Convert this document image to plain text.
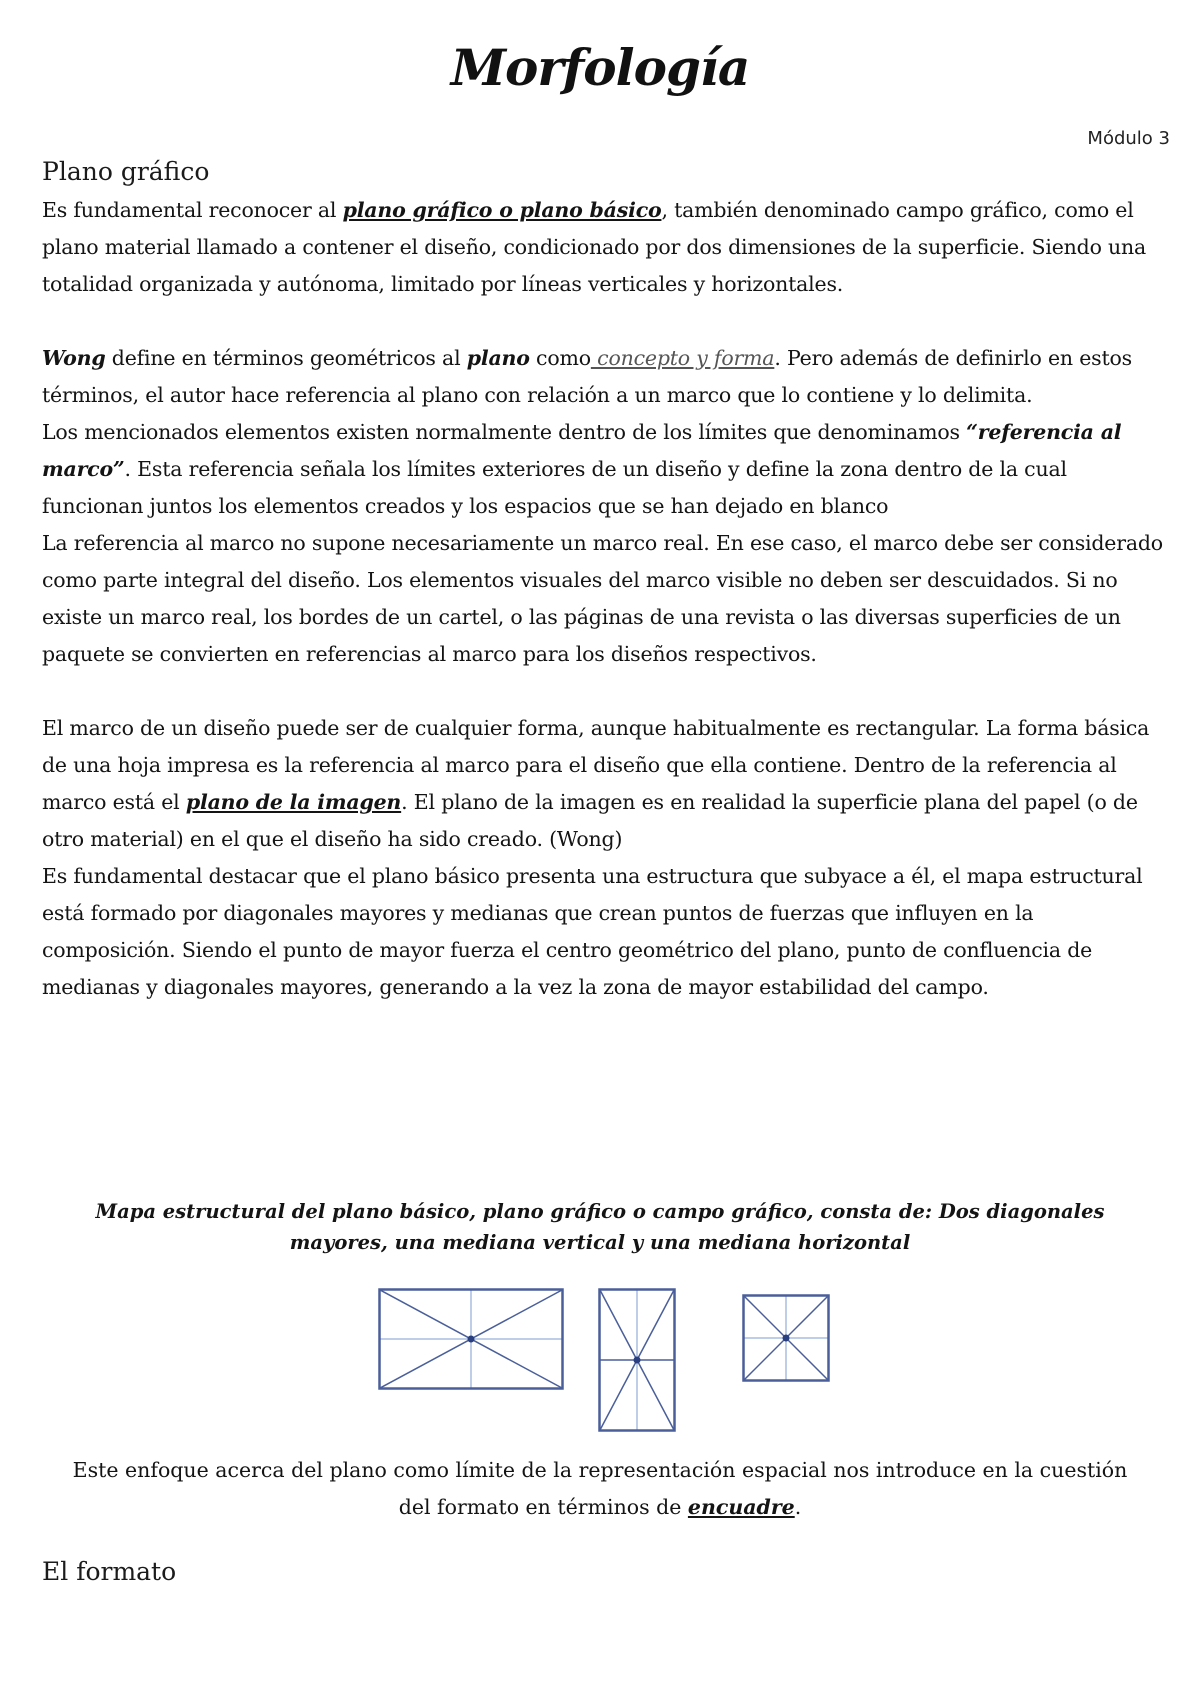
Morfología
Módulo 3
Plano gráfico

Es fundamental reconocer al plano gráfico o plano básico, también denominado campo gráfico, como el plano material llamado a contener el diseño, condicionado por dos dimensiones de la superficie. Siendo una totalidad organizada y autónoma, limitado por líneas verticales y horizontales.

Wong define en términos geométricos al plano como concepto y forma. Pero además de definirlo en estos términos, el autor hace referencia al plano con relación a un marco que lo contiene y lo delimita.

Los mencionados elementos existen normalmente dentro de los límites que denominamos “referencia al marco”. Esta referencia señala los límites exteriores de un diseño y define la zona dentro de la cual funcionan juntos los elementos creados y los espacios que se han dejado en blanco

La referencia al marco no supone necesariamente un marco real. En ese caso, el marco debe ser considerado como parte integral del diseño. Los elementos visuales del marco visible no deben ser descuidados. Si no existe un marco real, los bordes de un cartel, o las páginas de una revista o las diversas superficies de un paquete se convierten en referencias al marco para los diseños respectivos.

El marco de un diseño puede ser de cualquier forma, aunque habitualmente es rectangular. La forma básica de una hoja impresa es la referencia al marco para el diseño que ella contiene. Dentro de la referencia al marco está el plano de la imagen. El plano de la imagen es en realidad la superficie plana del papel (o de otro material) en el que el diseño ha sido creado. (Wong)

Es fundamental destacar que el plano básico presenta una estructura que subyace a él, el mapa estructural está formado por diagonales mayores y medianas que crean puntos de fuerzas que influyen en la composición. Siendo el punto de mayor fuerza el centro geométrico del plano, punto de confluencia de medianas y diagonales mayores, generando a la vez la zona de mayor estabilidad del campo.

Mapa estructural del plano básico, plano gráfico o campo gráfico, consta de: Dos diagonales mayores, una mediana vertical y una mediana horizontal
Este enfoque acerca del plano como límite de la representación espacial nos introduce en la cuestión del formato en términos de encuadre.
El formato
